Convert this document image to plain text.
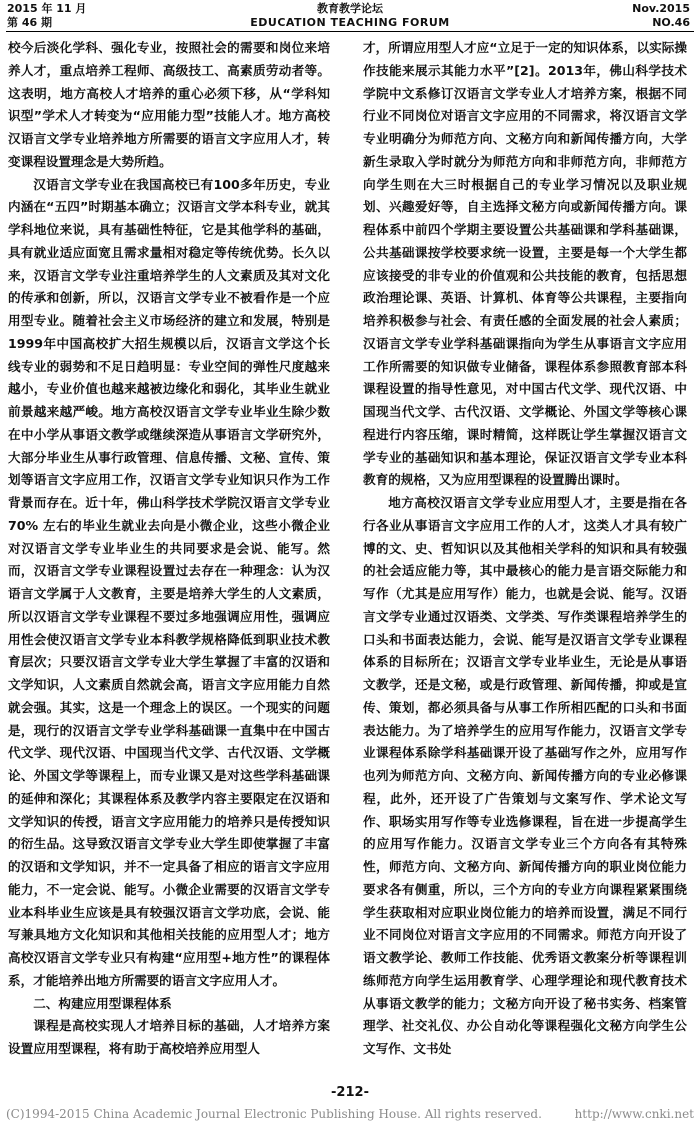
2015 年 11 月
第 46 期
教育教学论坛
EDUCATION TEACHING FORUM
Nov.2015
NO.46

校今后淡化学科、强化专业，按照社会的需要和岗位来培养人才，重点培养工程师、高级技工、高素质劳动者等。这表明，地方高校人才培养的重心必须下移，从“学科知识型”学术人才转变为“应用能力型”技能人才。地方高校汉语言文学专业培养地方所需要的语言文字应用人才，转变课程设置理念是大势所趋。

汉语言文学专业在我国高校已有100多年历史，专业内涵在“五四”时期基本确立；汉语言文学本科专业，就其学科地位来说，具有基础性特征，它是其他学科的基础，具有就业适应面宽且需求量相对稳定等传统优势。长久以来，汉语言文学专业注重培养学生的人文素质及其对文化的传承和创新，所以，汉语言文学专业不被看作是一个应用型专业。随着社会主义市场经济的建立和发展，特别是1999年中国高校扩大招生规模以后，汉语言文学这个长线专业的弱势和不足日趋明显：专业空间的弹性尺度越来越小，专业价值也越来越被边缘化和弱化，其毕业生就业前景越来越严峻。地方高校汉语言文学专业毕业生除少数在中小学从事语文教学或继续深造从事语言文学研究外，大部分毕业生从事行政管理、信息传播、文秘、宣传、策划等语言文字应用工作，汉语言文学专业知识只作为工作背景而存在。近十年，佛山科学技术学院汉语言文学专业70% 左右的毕业生就业去向是小微企业，这些小微企业对汉语言文学专业毕业生的共同要求是会说、能写。然而，汉语言文学专业课程设置过去存在一种理念：认为汉语言文学属于人文教育，主要是培养大学生的人文素质，所以汉语言文学专业课程不要过多地强调应用性，强调应用性会使汉语言文学专业本科教学规格降低到职业技术教育层次；只要汉语言文学专业大学生掌握了丰富的汉语和文学知识，人文素质自然就会高，语言文字应用能力自然就会强。其实，这是一个理念上的误区。一个现实的问题是，现行的汉语言文学专业学科基础课一直集中在中国古代文学、现代汉语、中国现当代文学、古代汉语、文学概论、外国文学等课程上，而专业课又是对这些学科基础课的延伸和深化；其课程体系及教学内容主要限定在汉语和文学知识的传授，语言文字应用能力的培养只是传授知识的衍生品。这导致汉语言文学专业大学生即使掌握了丰富的汉语和文学知识，并不一定具备了相应的语言文字应用能力，不一定会说、能写。小微企业需要的汉语言文学专业本科毕业生应该是具有较强汉语言文学功底，会说、能写兼具地方文化知识和其他相关技能的应用型人才；地方高校汉语言文学专业只有构建“应用型+地方性”的课程体系，才能培养出地方所需要的语言文字应用人才。

二、构建应用型课程体系

课程是高校实现人才培养目标的基础，人才培养方案设置应用型课程，将有助于高校培养应用型人

才，所谓应用型人才应“立足于一定的知识体系，以实际操作技能来展示其能力水平”[2]。2013年，佛山科学技术学院中文系修订汉语言文学专业人才培养方案，根据不同行业不同岗位对语言文字应用的不同需求，将汉语言文学专业明确分为师范方向、文秘方向和新闻传播方向，大学新生录取入学时就分为师范方向和非师范方向，非师范方向学生则在大三时根据自己的专业学习情况以及职业规划、兴趣爱好等，自主选择文秘方向或新闻传播方向。课程体系中前四个学期主要设置公共基础课和学科基础课，公共基础课按学校要求统一设置，主要是每一个大学生都应该接受的非专业的价值观和公共技能的教育，包括思想政治理论课、英语、计算机、体育等公共课程，主要指向培养积极参与社会、有责任感的全面发展的社会人素质；汉语言文学专业学科基础课指向为学生从事语言文字应用工作所需要的知识做专业储备，课程体系参照教育部本科课程设置的指导性意见，对中国古代文学、现代汉语、中国现当代文学、古代汉语、文学概论、外国文学等核心课程进行内容压缩，课时精简，这样既让学生掌握汉语言文学专业的基础知识和基本理论，保证汉语言文学专业本科教育的规格，又为应用型课程的设置腾出课时。

地方高校汉语言文学专业应用型人才，主要是指在各行各业从事语言文字应用工作的人才，这类人才具有较广博的文、史、哲知识以及其他相关学科的知识和具有较强的社会适应能力等，其中最核心的能力是言语交际能力和写作（尤其是应用写作）能力，也就是会说、能写。汉语言文学专业通过汉语类、文学类、写作类课程培养学生的口头和书面表达能力，会说、能写是汉语言文学专业课程体系的目标所在；汉语言文学专业毕业生，无论是从事语文教学，还是文秘，或是行政管理、新闻传播，抑或是宣传、策划，都必须具备与从事工作所相匹配的口头和书面表达能力。为了培养学生的应用写作能力，汉语言文学专业课程体系除学科基础课开设了基础写作之外，应用写作也列为师范方向、文秘方向、新闻传播方向的专业必修课程，此外，还开设了广告策划与文案写作、学术论文写作、职场实用写作等专业选修课程，旨在进一步提高学生的应用写作能力。汉语言文学专业三个方向各有其特殊性，师范方向、文秘方向、新闻传播方向的职业岗位能力要求各有侧重，所以，三个方向的专业方向课程紧紧围绕学生获取相对应职业岗位能力的培养而设置，满足不同行业不同岗位对语言文字应用的不同需求。师范方向开设了语文教学论、教师工作技能、优秀语文教案分析等课程训练师范方向学生运用教育学、心理学理论和现代教育技术从事语文教学的能力；文秘方向开设了秘书实务、档案管理学、社交礼仪、办公自动化等课程强化文秘方向学生公文写作、文书处

-212-
(C)1994-2015 China Academic Journal Electronic Publishing House. All rights reserved.	http://www.cnki.net
